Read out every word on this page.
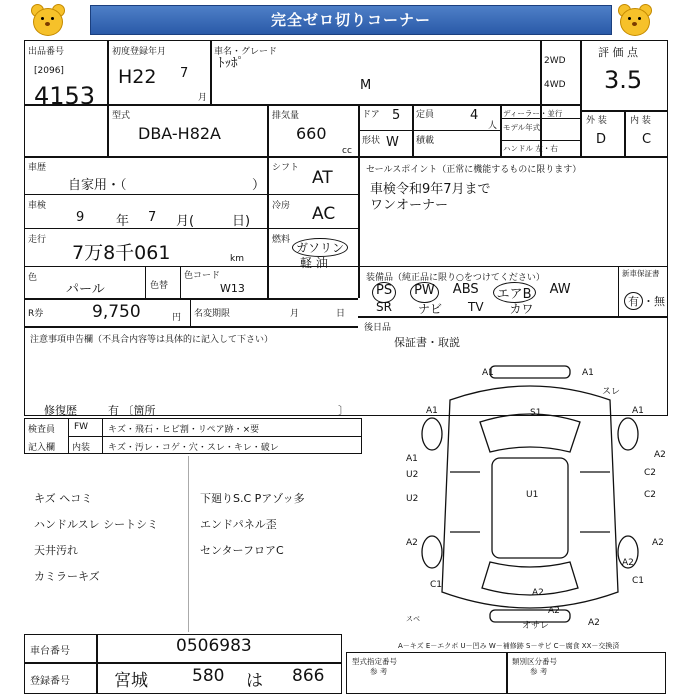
完全ゼロ切りコーナー
出品番号
[2096]
4153
初度登録年月
H22 7
月
車名・グレード
ﾄｯﾎﾟ
M
2WD
4WD
評 価 点
3.5
型式
DBA-H82A
排気量
660
cc
ドア 5
形状 W
定員	4
人
積載
ディーラー・並行
モデル年式
ハンドル 左・右
外 装	内 装
D	C
車歴
自家用・（	）
シフト AT
車検
9 年 7 月(	日)
冷房 AC
走行
7万8千061	km
燃料
ガソリン
軽 油
色
パール	色替
色コード
W13
R券	9,750	円 名変期限	月	日
セールスポイント（正常に機能するものに限ります）
車検令和9年7月まで
ワンオーナー
装備品（純正品に限り○をつけてください）
PS	PW	ABS	エアB	AW
SR ナビ TV カワ
新車保証書
有 ・無
後日品
保証書・取説
注意事項申告欄（不具合内容等は具体的に記入して下さい）
修復歴	有 〔箇所	〕
検査員
記入欄
FW キズ・飛石・ヒビ割・リペア跡・×要
内装 キズ・汚レ・コゲ・穴・スレ・キレ・破レ
キズ ヘコミ
ハンドルスレ シートシミ
天井汚れ
カミラーキズ
下廻りS.C Pアゾッ多
エンドパネル歪
センターフロアC
A1	A1
スレ
S1
A1	A1
A2
A1
U2
C2
U2	U1
C2
A2	A2
A2
C1
A2
C1
A2
スベ
オサレ	A2
A－キズ E－エクボ U－凹み W－補修跡 S－サビ C－腐食 XX－交換済
車台番号	0506983
登録番号	宮城	580 は 866
型式指定番号
参 考
類別区分番号
参 考
